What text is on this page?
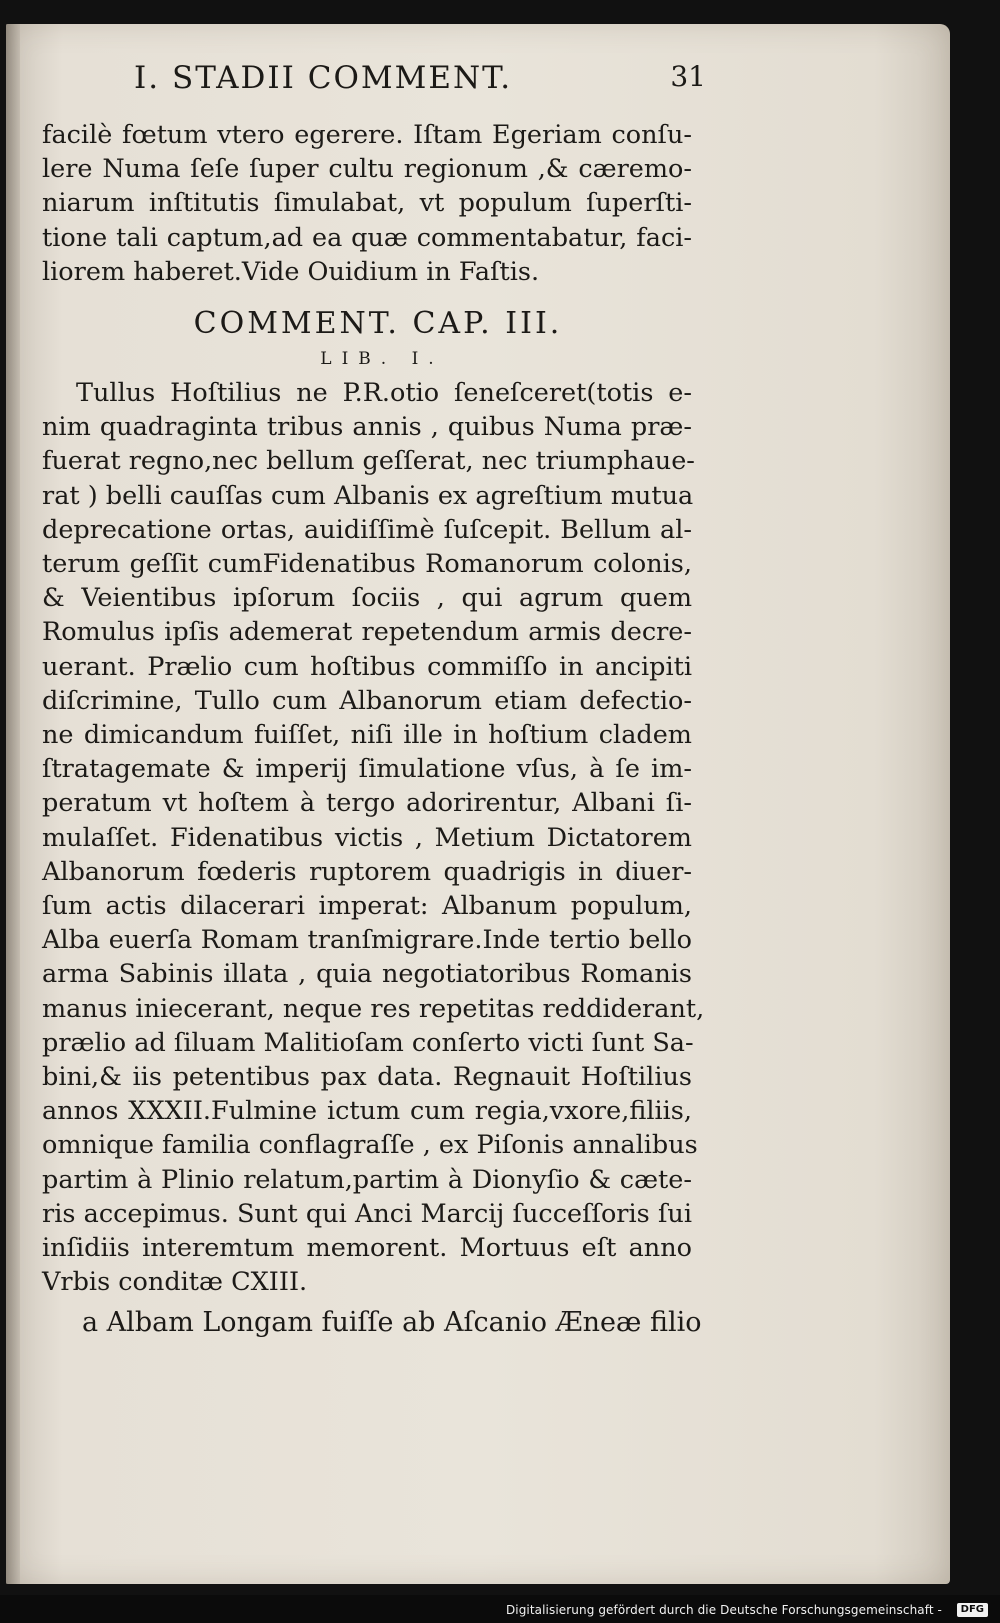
I. STADII COMMENT.	31
facilè fœtum vtero egerere. Iſtam Egeriam conſu-
lere Numa ſeſe ſuper cultu regionum ,& cæremo-
niarum inſtitutis ſimulabat, vt populum ſuperſti-
tione tali captum,ad ea quæ commentabatur, faci-
liorem haberet.Vide Ouidium in Faſtis.
COMMENT. CAP. III.
LIB. I.
Tullus Hoſtilius ne P.R.otio ſeneſceret(totis e-
nim quadraginta tribus annis , quibus Numa præ-
fuerat regno,nec bellum geſſerat, nec triumphaue-
rat ) belli cauſſas cum Albanis ex agreſtium mutua
deprecatione ortas, auidiſſimè ſuſcepit. Bellum al-
terum geſſit cumFidenatibus Romanorum colonis,
& Veientibus ipſorum ſociis , qui agrum quem
Romulus ipſis ademerat repetendum armis decre-
uerant. Prælio cum hoſtibus commiſſo in ancipiti
diſcrimine, Tullo cum Albanorum etiam defectio-
ne dimicandum fuiſſet, niſi ille in hoſtium cladem
ſtratagemate & imperij ſimulatione vſus, à ſe im-
peratum vt hoſtem à tergo adorirentur, Albani ſi-
mulaſſet. Fidenatibus victis , Metium Dictatorem
Albanorum fœderis ruptorem quadrigis in diuer-
ſum actis dilacerari imperat: Albanum populum,
Alba euerſa Romam tranſmigrare.Inde tertio bello
arma Sabinis illata , quia negotiatoribus Romanis
manus iniecerant, neque res repetitas reddiderant,
prælio ad ſiluam Malitioſam conſerto victi ſunt Sa-
bini,& iis petentibus pax data. Regnauit Hoſtilius
annos XXXII.Fulmine ictum cum regia,vxore,filiis,
omnique familia conflagraſſe , ex Piſonis annalibus
partim à Plinio relatum,partim à Dionyſio & cæte-
ris accepimus. Sunt qui Anci Marcij ſucceſſoris ſui
inſidiis interemtum memorent. Mortuus eſt anno
Vrbis conditæ CXIII.
a Albam Longam fuiſſe ab Aſcanio Æneæ filio
Digitalisierung gefördert durch die Deutsche Forschungsgemeinschaft -	DFG
